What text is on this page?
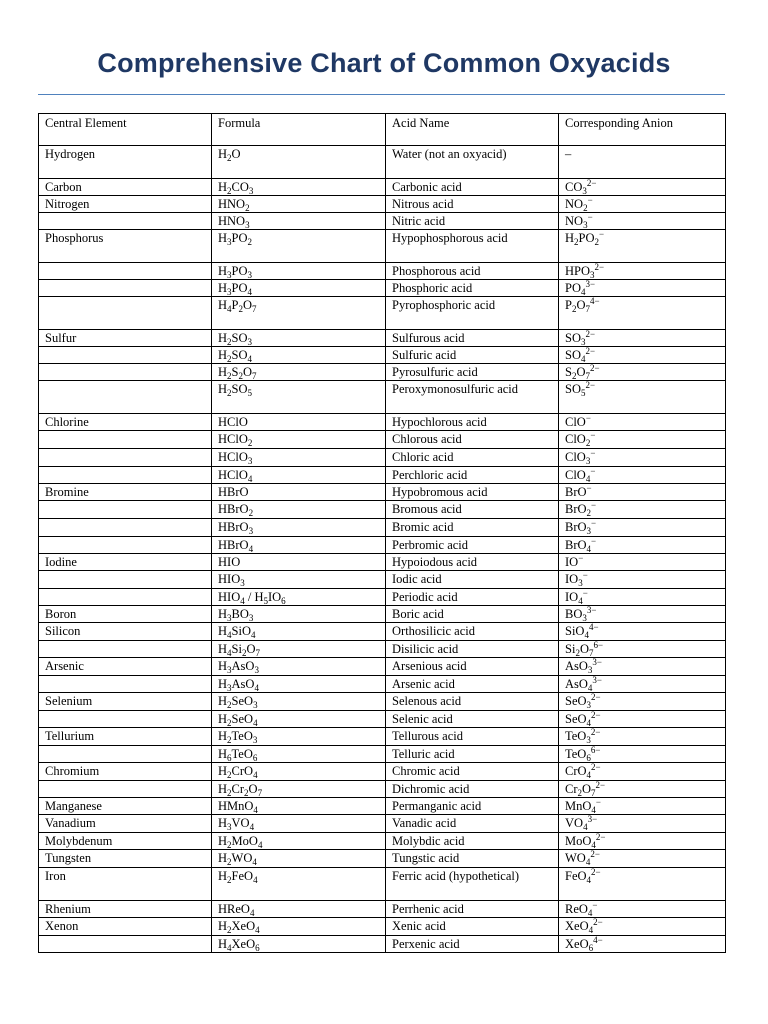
Comprehensive Chart of Common Oxyacids
Central Element	Formula	Acid Name	Corresponding Anion
Hydrogen	$H_2O$	Water (not an oxyacid)	–
Carbon	$H_2CO_3$	Carbonic acid	$CO_3^{2-}$
Nitrogen	$HNO_2$	Nitrous acid	$NO_2^-$
	$HNO_3$	Nitric acid	$NO_3^-$
Phosphorus	$H_3PO_2$	Hypophosphorous acid	$H_2PO_2^-$
	$H_3PO_3$	Phosphorous acid	$HPO_3^{2-}$
	$H_3PO_4$	Phosphoric acid	$PO_4^{3-}$
	$H_4P_2O_7$	Pyrophosphoric acid	$P_2O_7^{4-}$
Sulfur	$H_2SO_3$	Sulfurous acid	$SO_3^{2-}$
	$H_2SO_4$	Sulfuric acid	$SO_4^{2-}$
	$H_2S_2O_7$	Pyrosulfuric acid	$S_2O_7^{2-}$
	$H_2SO_5$	Peroxymonosulfuric acid	$SO_5^{2-}$
Chlorine	HClO	Hypochlorous acid	ClO−
	HClO$_2$	Chlorous acid	ClO$_2$−
	HClO$_3$	Chloric acid	ClO$_3$−
	HClO$_4$	Perchloric acid	ClO$_4$−
Bromine	HBrO	Hypobromous acid	BrO−
	HBrO$_2$	Bromous acid	BrO$_2$−
	HBrO$_3$	Bromic acid	BrO$_3$−
	HBrO$_4$	Perbromic acid	BrO$_4$−
Iodine	HIO	Hypoiodous acid	IO−
	$HIO_3$	Iodic acid	$IO_3^-$
	$HIO_4 / H_5IO_6$	Periodic acid	$IO_4^-$
Boron	$H_3BO_3$	Boric acid	$BO_3^{3-}$
Silicon	$H_4SiO_4$	Orthosilicic acid	SiO$_4^{4-}$
	$H_4Si_2O_7$	Disilicic acid	$Si_2O_7^{6-}$
Arsenic	$H_3AsO_3$	Arsenious acid	AsO$_3^{3-}$
	$H_3AsO_4$	Arsenic acid	AsO$_4^{3-}$
Selenium	$H_2SeO_3$	Selenous acid	SeO$_3^{2-}$
	$H_2SeO_4$	Selenic acid	SeO$_4^{2-}$
Tellurium	$H_2TeO_3$	Tellurous acid	TeO$_3^{2-}$
	$H_6TeO_6$	Telluric acid	TeO$_6^{6-}$
Chromium	$H_2CrO_4$	Chromic acid	CrO$_4^{2-}$
	$H_2Cr_2O_7$	Dichromic acid	$Cr_2O_7^{2-}$
Manganese	HMnO$_4$	Permanganic acid	MnO$_4$−
Vanadium	$H_3VO_4$	Vanadic acid	$VO_4^{3-}$
Molybdenum	$H_2MoO_4$	Molybdic acid	MoO$_4^{2-}$
Tungsten	$H_2WO_4$	Tungstic acid	$WO_4^{2-}$
Iron	$H_2FeO_4$	Ferric acid (hypothetical)	FeO$_4^{2-}$
Rhenium	HReO$_4$	Perrhenic acid	ReO$_4$−
Xenon	$H_2XeO_4$	Xenic acid	XeO$_4^{2-}$
	$H_4XeO_6$	Perxenic acid	XeO$_6^{4-}$
